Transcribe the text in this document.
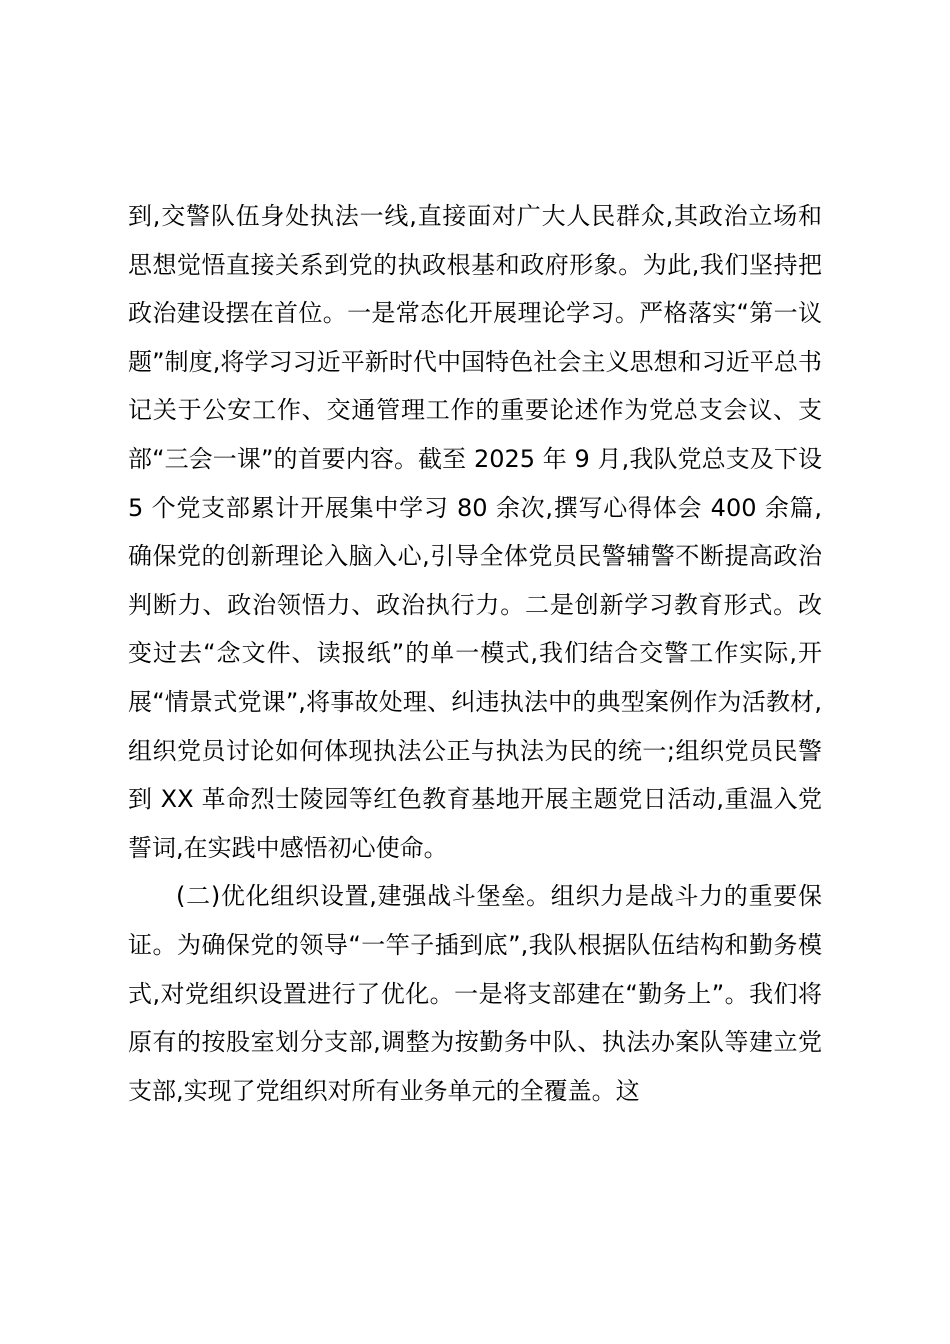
到,交警队伍身处执法一线,直接面对广大人民群众,其政治立场和思想觉悟直接关系到党的执政根基和政府形象。为此,我们坚持把政治建设摆在首位。一是常态化开展理论学习。严格落实“第一议题”制度,将学习习近平新时代中国特色社会主义思想和习近平总书记关于公安工作、交通管理工作的重要论述作为党总支会议、支部“三会一课”的首要内容。截至 2025 年 9 月,我队党总支及下设 5 个党支部累计开展集中学习 80 余次,撰写心得体会 400 余篇,确保党的创新理论入脑入心,引导全体党员民警辅警不断提高政治判断力、政治领悟力、政治执行力。二是创新学习教育形式。改变过去“念文件、读报纸”的单一模式,我们结合交警工作实际,开展“情景式党课”,将事故处理、纠违执法中的典型案例作为活教材,组织党员讨论如何体现执法公正与执法为民的统一;组织党员民警到 XX 革命烈士陵园等红色教育基地开展主题党日活动,重温入党誓词,在实践中感悟初心使命。

(二)优化组织设置,建强战斗堡垒。组织力是战斗力的重要保证。为确保党的领导“一竿子插到底”,我队根据队伍结构和勤务模式,对党组织设置进行了优化。一是将支部建在“勤务上”。我们将原有的按股室划分支部,调整为按勤务中队、执法办案队等建立党支部,实现了党组织对所有业务单元的全覆盖。这
